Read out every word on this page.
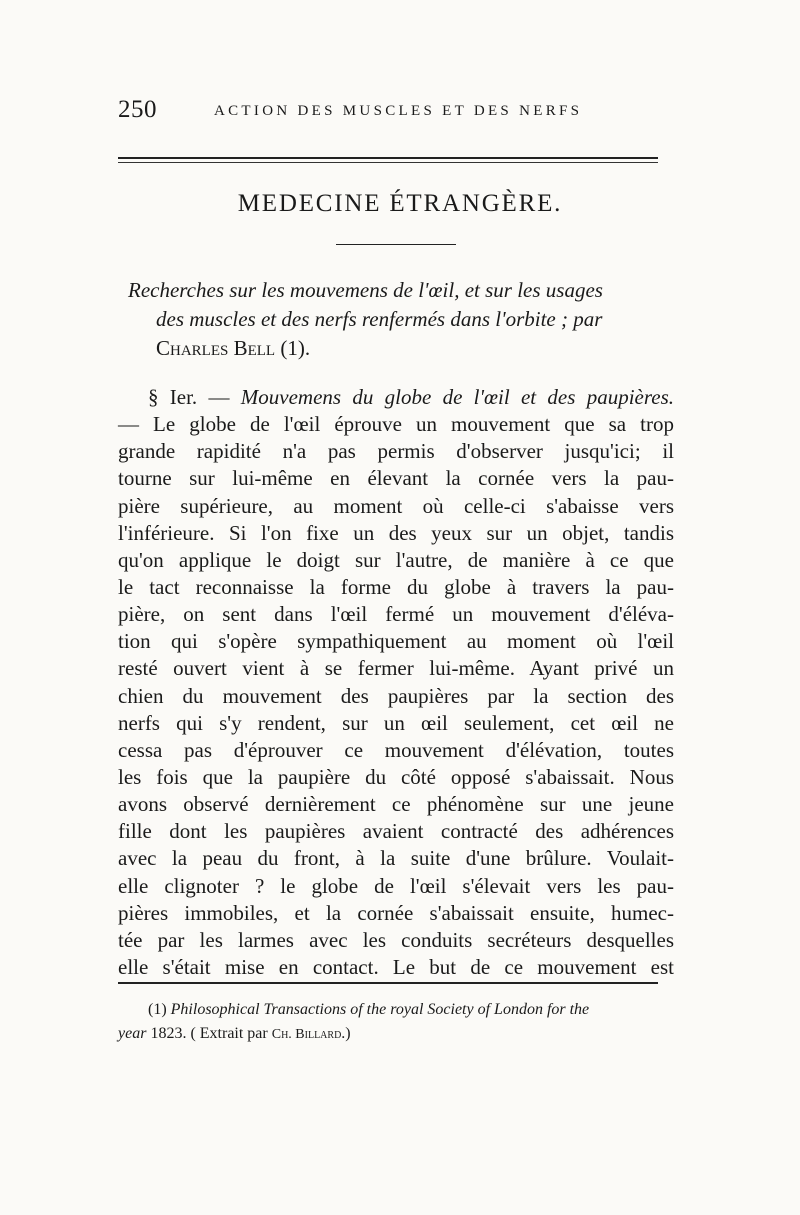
250	ACTION DES MUSCLES ET DES NERFS
MEDECINE ÉTRANGÈRE.
Recherches sur les mouvemens de l'œil, et sur les usages
des muscles et des nerfs renfermés dans l'orbite ; par
Charles Bell (1).
§ Ier. — Mouvemens du globe de l'œil et des paupières.
— Le globe de l'œil éprouve un mouvement que sa trop
grande rapidité n'a pas permis d'observer jusqu'ici; il
tourne sur lui-même en élevant la cornée vers la pau-
pière supérieure, au moment où celle-ci s'abaisse vers
l'inférieure. Si l'on fixe un des yeux sur un objet, tandis
qu'on applique le doigt sur l'autre, de manière à ce que
le tact reconnaisse la forme du globe à travers la pau-
pière, on sent dans l'œil fermé un mouvement d'éléva-
tion qui s'opère sympathiquement au moment où l'œil
resté ouvert vient à se fermer lui-même. Ayant privé un
chien du mouvement des paupières par la section des
nerfs qui s'y rendent, sur un œil seulement, cet œil ne
cessa pas d'éprouver ce mouvement d'élévation, toutes
les fois que la paupière du côté opposé s'abaissait. Nous
avons observé dernièrement ce phénomène sur une jeune
fille dont les paupières avaient contracté des adhérences
avec la peau du front, à la suite d'une brûlure. Voulait-
elle clignoter ? le globe de l'œil s'élevait vers les pau-
pières immobiles, et la cornée s'abaissait ensuite, humec-
tée par les larmes avec les conduits secréteurs desquelles
elle s'était mise en contact. Le but de ce mouvement est
(1) Philosophical Transactions of the royal Society of London for the
year 1823. ( Extrait par Ch. Billard.)
